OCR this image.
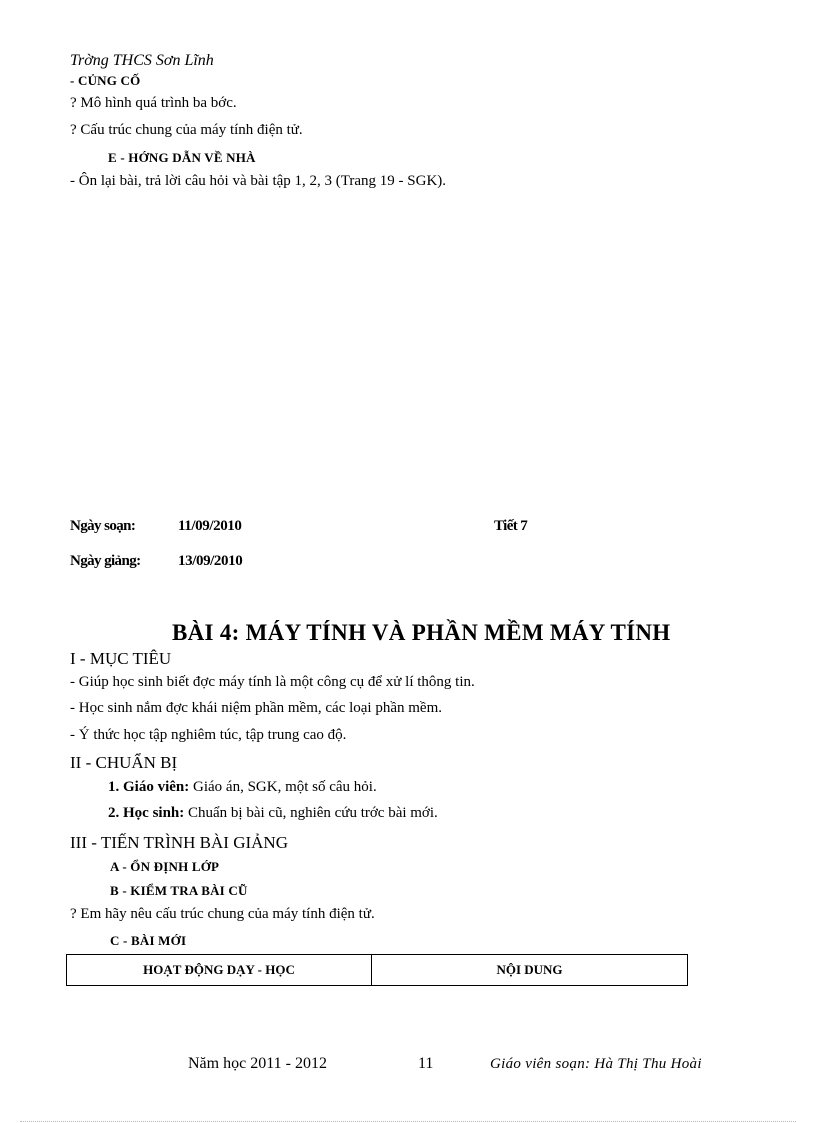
Trờng THCS Sơn Lĩnh
- CỦNG CỐ
? Mô hình quá trình ba bớc.
? Cấu trúc chung của máy tính điện tử.
E - HỚNG DẪN VỀ NHÀ
- Ôn lại bài, trả lời câu hỏi và bài tập 1, 2, 3 (Trang 19 - SGK).
Ngày soạn:	11/09/2010	Tiết 7
Ngày giảng:	13/09/2010
BÀI 4: MÁY TÍNH VÀ PHẦN MỀM MÁY TÍNH
I - MỤC TIÊU
- Giúp học sinh biết đợc máy tính là một công cụ để xử lí thông tin.
- Học sinh nắm đợc khái niệm phần mềm, các loại phần mềm.
- Ý thức học tập nghiêm túc, tập trung cao độ.
II - CHUẨN BỊ
1. Giáo viên: Giáo án, SGK, một số câu hỏi.
2. Học sinh: Chuẩn bị bài cũ, nghiên cứu trớc bài mới.
III - TIẾN TRÌNH BÀI GIẢNG
A - ỔN ĐỊNH LỚP
B - KIỂM TRA BÀI CŨ
? Em hãy nêu cấu trúc chung của máy tính điện tử.
C - BÀI MỚI
HOẠT ĐỘNG DẠY - HỌC	NỘI DUNG
Năm học 2011 - 2012	11	Giáo viên soạn: Hà Thị Thu Hoài
